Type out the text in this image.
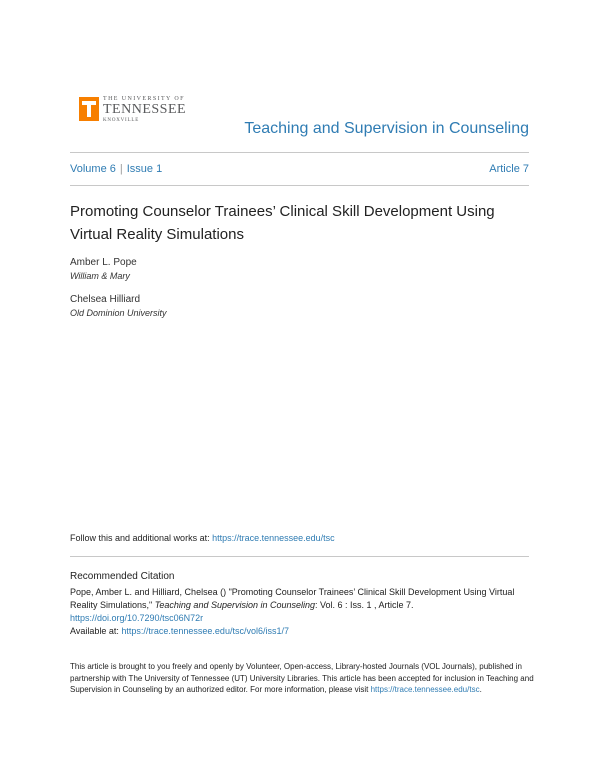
THE UNIVERSITY OF
TENNESSEE
KNOXVILLE	Teaching and Supervision in Counseling
Volume 6 | Issue 1	Article 7
Promoting Counselor Trainees’ Clinical Skill Development Using Virtual Reality Simulations
Amber L. Pope
William & Mary
Chelsea Hilliard
Old Dominion University
Follow this and additional works at: https://trace.tennessee.edu/tsc
Recommended Citation
Pope, Amber L. and Hilliard, Chelsea () "Promoting Counselor Trainees’ Clinical Skill Development Using Virtual Reality Simulations," Teaching and Supervision in Counseling: Vol. 6 : Iss. 1 , Article 7.
https://doi.org/10.7290/tsc06N72r
Available at: https://trace.tennessee.edu/tsc/vol6/iss1/7
This article is brought to you freely and openly by Volunteer, Open-access, Library-hosted Journals (VOL Journals), published in partnership with The University of Tennessee (UT) University Libraries. This article has been accepted for inclusion in Teaching and Supervision in Counseling by an authorized editor. For more information, please visit https://trace.tennessee.edu/tsc.
